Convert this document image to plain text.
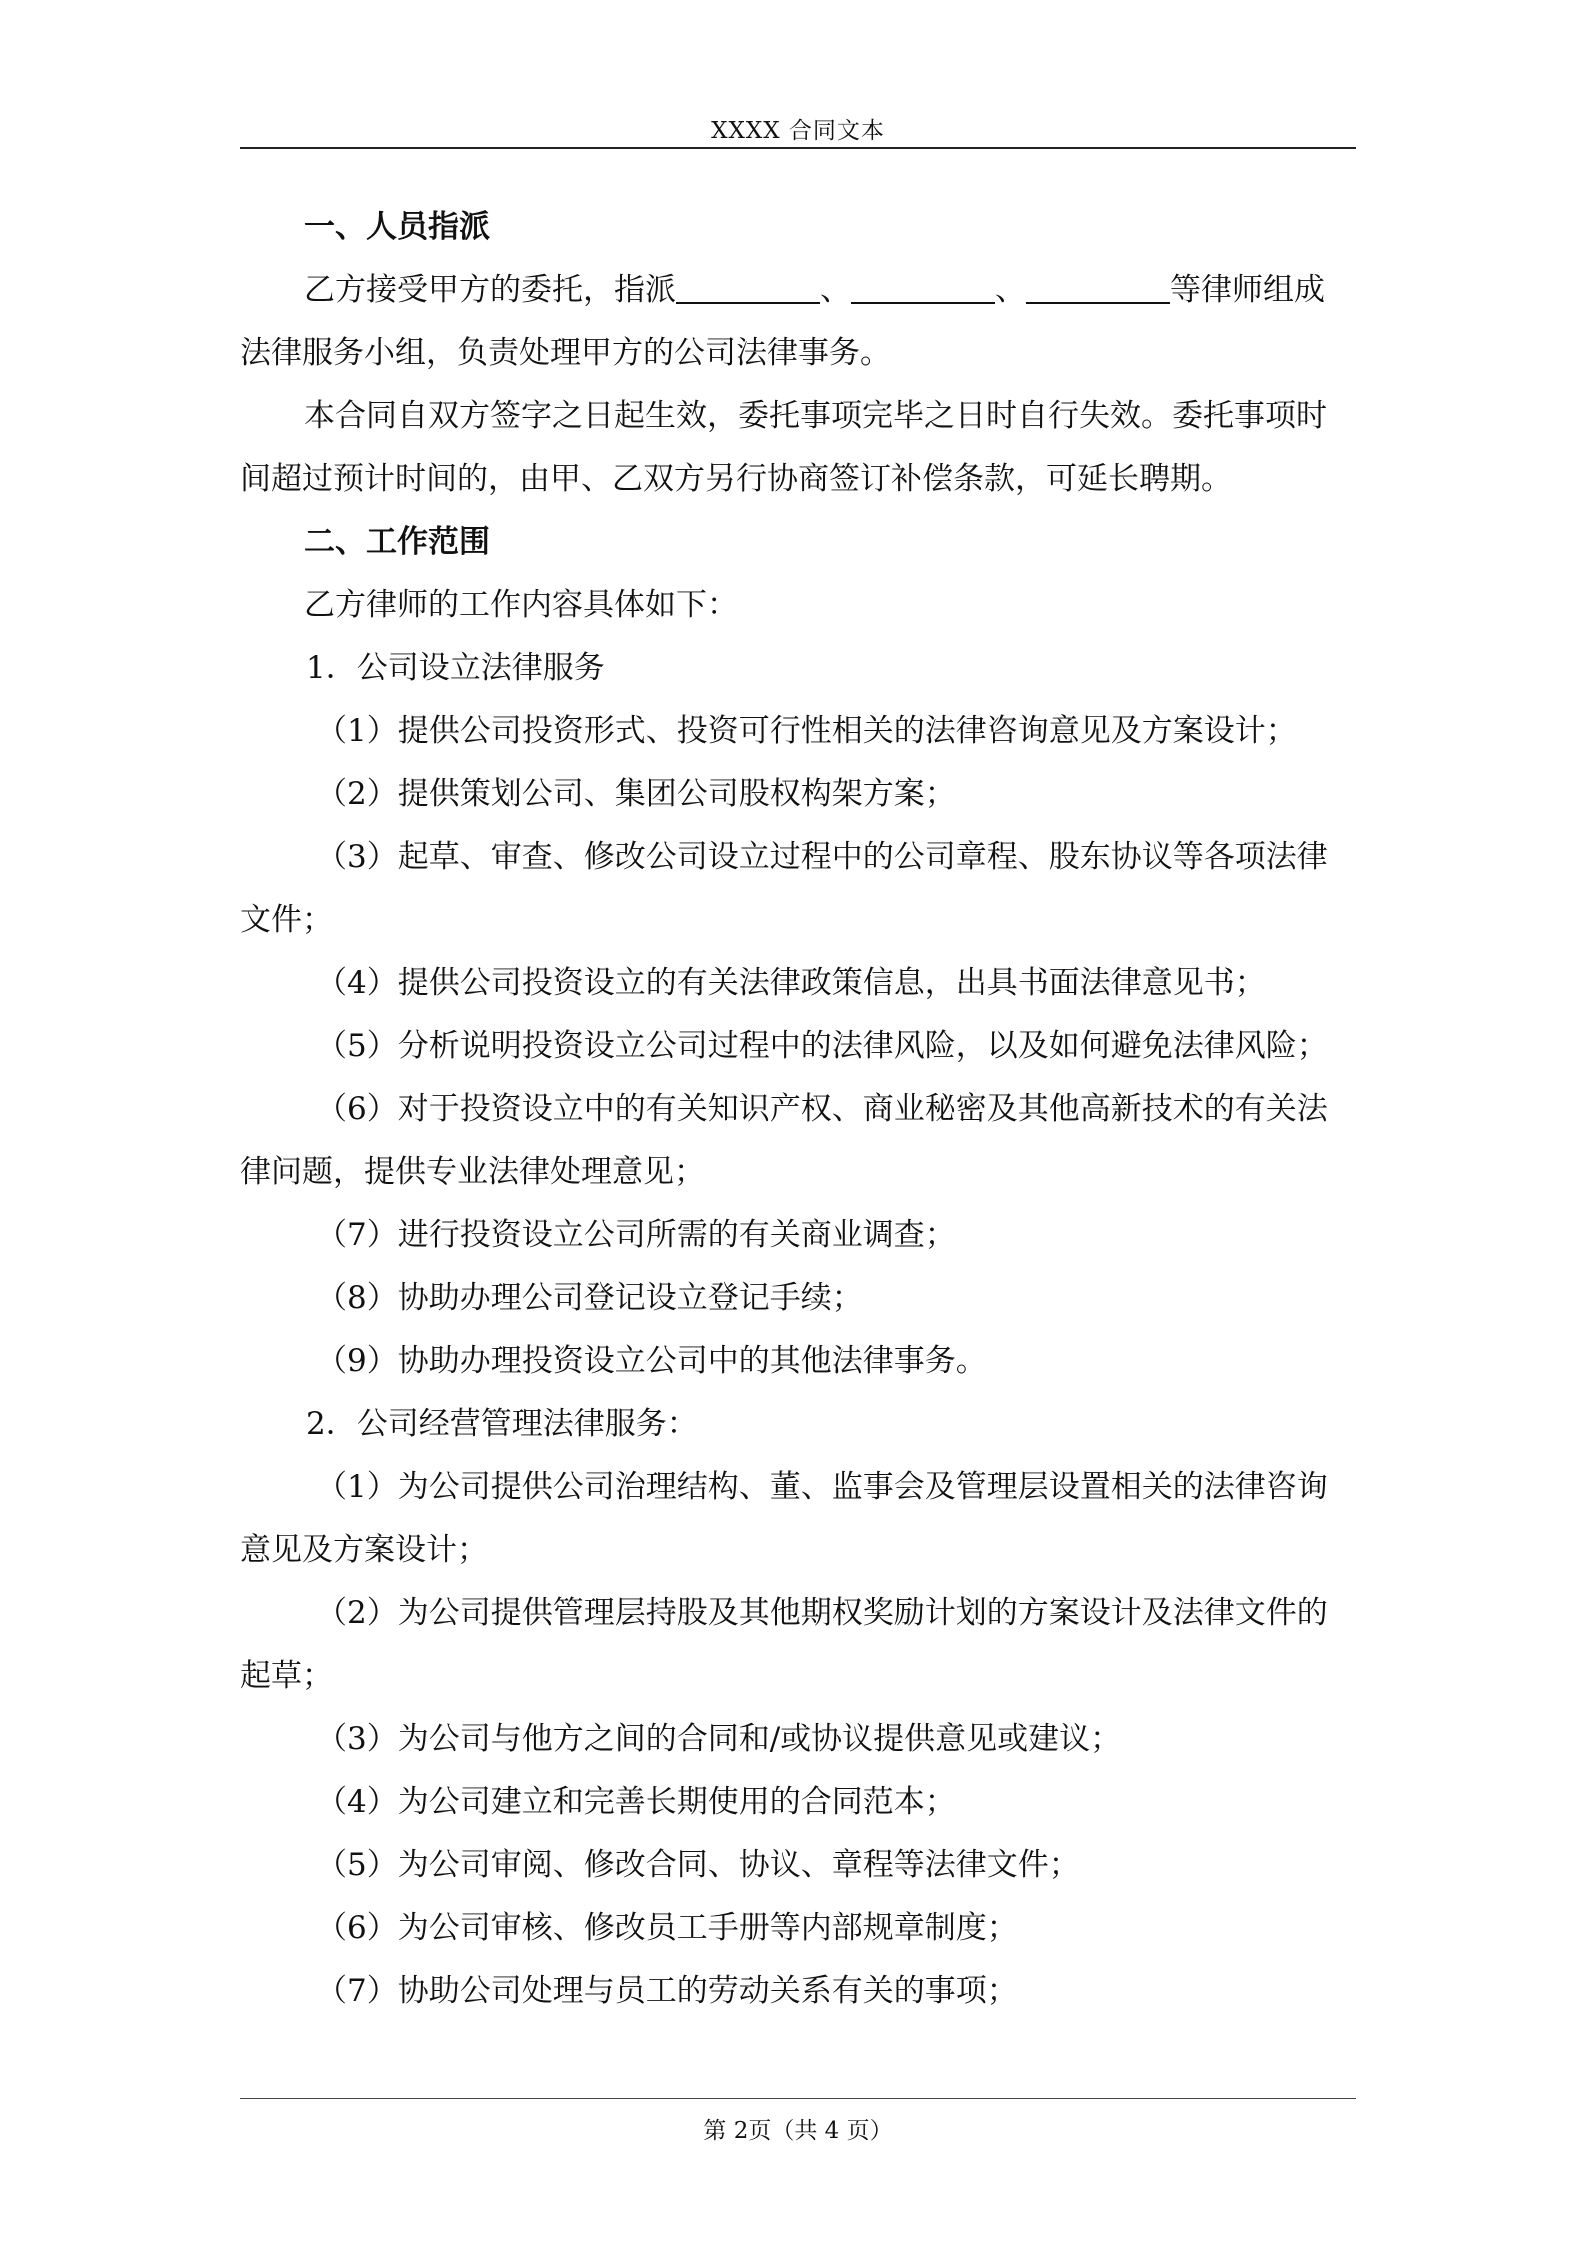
XXXX 合同文本

一、人员指派

乙方接受甲方的委托，指派	、	、	等律师组成

法律服务小组，负责处理甲方的公司法律事务。

本合同自双方签字之日起生效，委托事项完毕之日时自行失效。委托事项时

间超过预计时间的，由甲、乙双方另行协商签订补偿条款，可延长聘期。

二、工作范围

乙方律师的工作内容具体如下：

1．公司设立法律服务

（1）提供公司投资形式、投资可行性相关的法律咨询意见及方案设计；

（2）提供策划公司、集团公司股权构架方案；

（3）起草、审查、修改公司设立过程中的公司章程、股东协议等各项法律

文件；

（4）提供公司投资设立的有关法律政策信息，出具书面法律意见书；

（5）分析说明投资设立公司过程中的法律风险，以及如何避免法律风险；

（6）对于投资设立中的有关知识产权、商业秘密及其他高新技术的有关法

律问题，提供专业法律处理意见；

（7）进行投资设立公司所需的有关商业调查；

（8）协助办理公司登记设立登记手续；

（9）协助办理投资设立公司中的其他法律事务。

2．公司经营管理法律服务：

（1）为公司提供公司治理结构、董、监事会及管理层设置相关的法律咨询

意见及方案设计；

（2）为公司提供管理层持股及其他期权奖励计划的方案设计及法律文件的

起草；

（3）为公司与他方之间的合同和/或协议提供意见或建议；

（4）为公司建立和完善长期使用的合同范本；

（5）为公司审阅、修改合同、协议、章程等法律文件；

（6）为公司审核、修改员工手册等内部规章制度；

（7）协助公司处理与员工的劳动关系有关的事项；

第 2页（共 4 页）
